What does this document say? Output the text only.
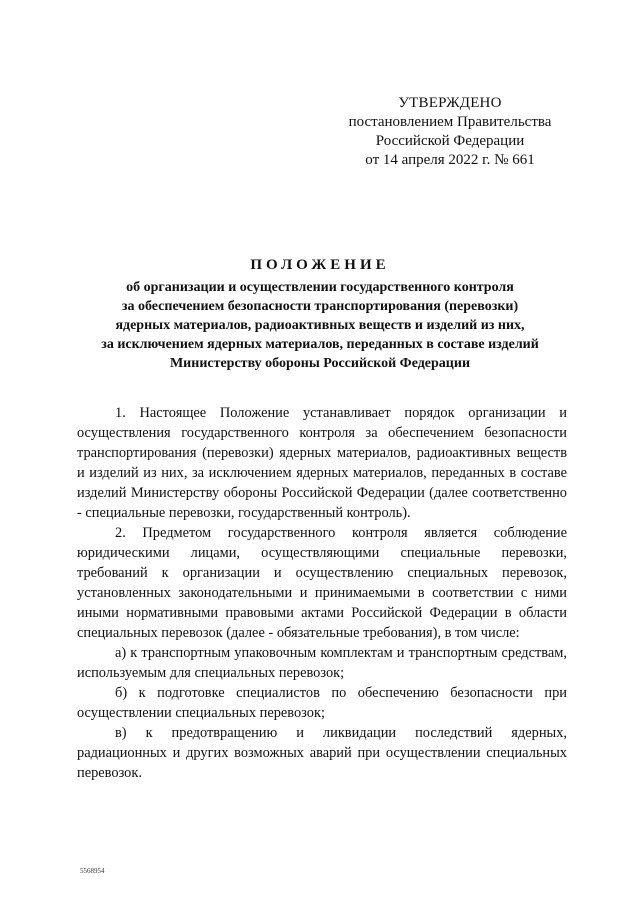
УТВЕРЖДЕНО
постановлением Правительства
Российской Федерации
от 14 апреля 2022 г. № 661
ПОЛОЖЕНИЕ
об организации и осуществлении государственного контроля
за обеспечением безопасности транспортирования (перевозки)
ядерных материалов, радиоактивных веществ и изделий из них,
за исключением ядерных материалов, переданных в составе изделий
Министерству обороны Российской Федерации

1. Настоящее Положение устанавливает порядок организации и осуществления государственного контроля за обеспечением безопасности транспортирования (перевозки) ядерных материалов, радиоактивных веществ и изделий из них, за исключением ядерных материалов, переданных в составе изделий Министерству обороны Российской Федерации (далее соответственно - специальные перевозки, государственный контроль).

2. Предметом государственного контроля является соблюдение юридическими лицами, осуществляющими специальные перевозки, требований к организации и осуществлению специальных перевозок, установленных законодательными и принимаемыми в соответствии с ними иными нормативными правовыми актами Российской Федерации в области специальных перевозок (далее - обязательные требования), в том числе:

а) к транспортным упаковочным комплектам и транспортным средствам, используемым для специальных перевозок;

б) к подготовке специалистов по обеспечению безопасности при осуществлении специальных перевозок;

в) к предотвращению и ликвидации последствий ядерных, радиационных и других возможных аварий при осуществлении специальных перевозок.

5568954
